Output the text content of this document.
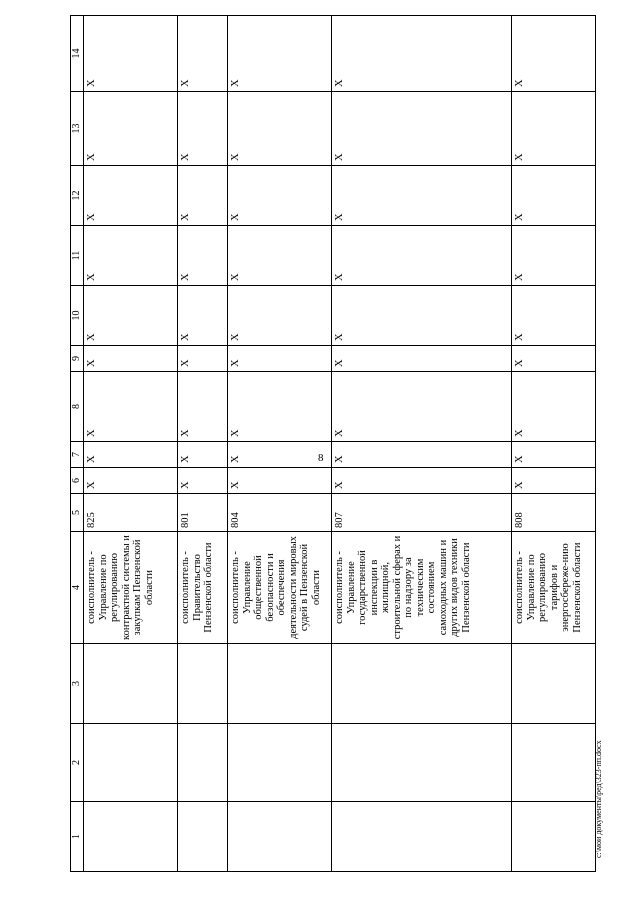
8
1	2	3	4	5	6	7	8	9	10	11	12	13	14
			соисполнитель - Управление по регулированию контрактной системы и закупкам Пензенской области	825	X	X	X	X	X	X	X	X	X
			соисполнитель - Правительство Пензенской области	801	X	X	X	X	X	X	X	X	X
			соисполнитель - Управление общественной безопасности и обеспечения деятельности мировых судей в Пензенской области	804	X	X	X	X	X	X	X	X	X
			соисполнитель - Управление государственной инспекции в жилищной, строительной сферах и по надзору за техническим состоянием самоходных машин и других видов техники Пензенской области	807	X	X	X	X	X	X	X	X	X
			соисполнитель - Управление по регулированию тарифов и энергосбереже-нию Пензенской области	808	X	X	X	X	X	X	X	X	X
c:\мои документы\ред\323-пп.docx
